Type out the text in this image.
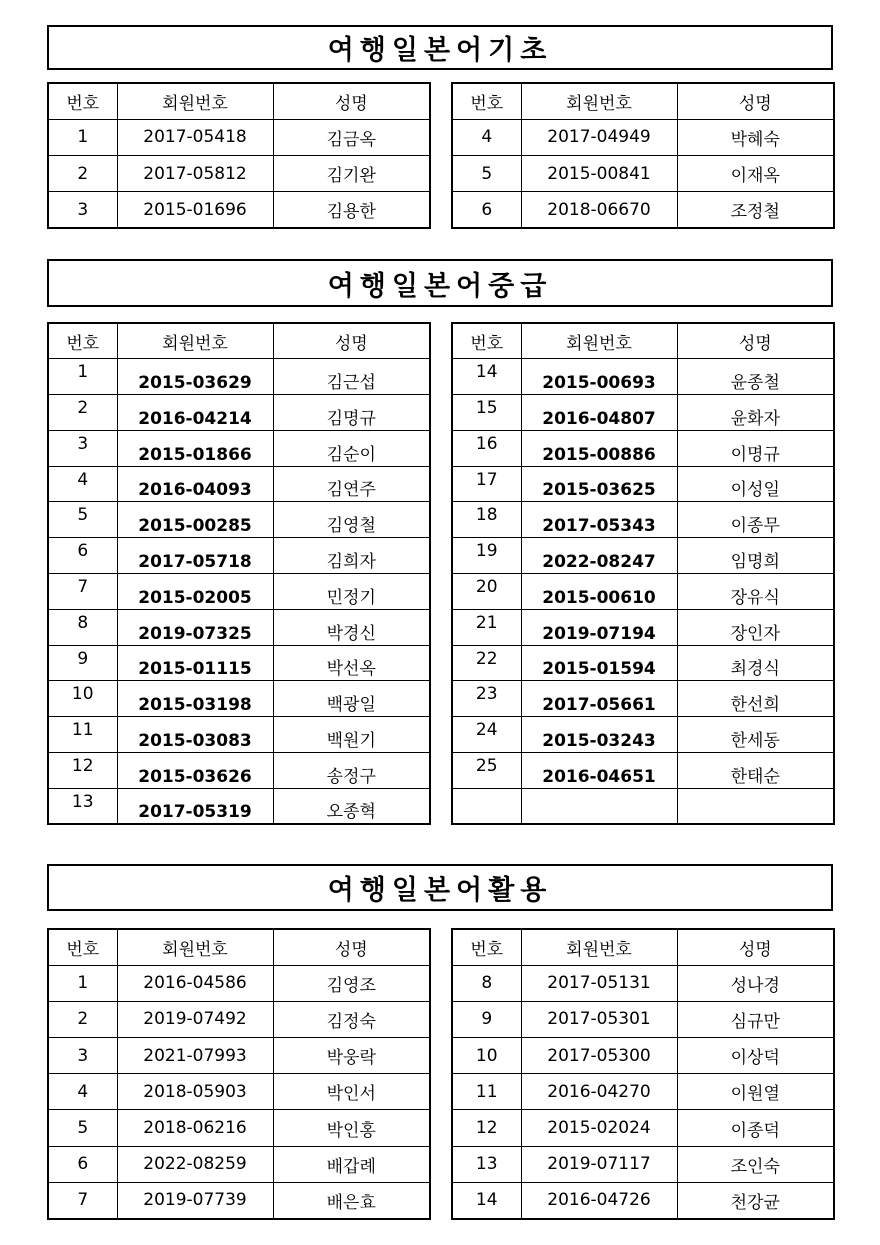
여행일본어기초
번호	회원번호	성명
1	2017-05418	김금옥
2	2017-05812	김기완
3	2015-01696	김용한
번호	회원번호	성명
4	2017-04949	박혜숙
5	2015-00841	이재옥
6	2018-06670	조정철
여행일본어중급
번호	회원번호	성명
1	2015-03629	김근섭
2	2016-04214	김명규
3	2015-01866	김순이
4	2016-04093	김연주
5	2015-00285	김영철
6	2017-05718	김희자
7	2015-02005	민정기
8	2019-07325	박경신
9	2015-01115	박선옥
10	2015-03198	백광일
11	2015-03083	백원기
12	2015-03626	송정구
13	2017-05319	오종혁
번호	회원번호	성명
14	2015-00693	윤종철
15	2016-04807	윤화자
16	2015-00886	이명규
17	2015-03625	이성일
18	2017-05343	이종무
19	2022-08247	임명희
20	2015-00610	장유식
21	2019-07194	장인자
22	2015-01594	최경식
23	2017-05661	한선희
24	2015-03243	한세동
25	2016-04651	한태순

여행일본어활용
번호	회원번호	성명
1	2016-04586	김영조
2	2019-07492	김정숙
3	2021-07993	박웅락
4	2018-05903	박인서
5	2018-06216	박인홍
6	2022-08259	배갑례
7	2019-07739	배은효
번호	회원번호	성명
8	2017-05131	성나경
9	2017-05301	심규만
10	2017-05300	이상덕
11	2016-04270	이원열
12	2015-02024	이종덕
13	2019-07117	조인숙
14	2016-04726	천강균
